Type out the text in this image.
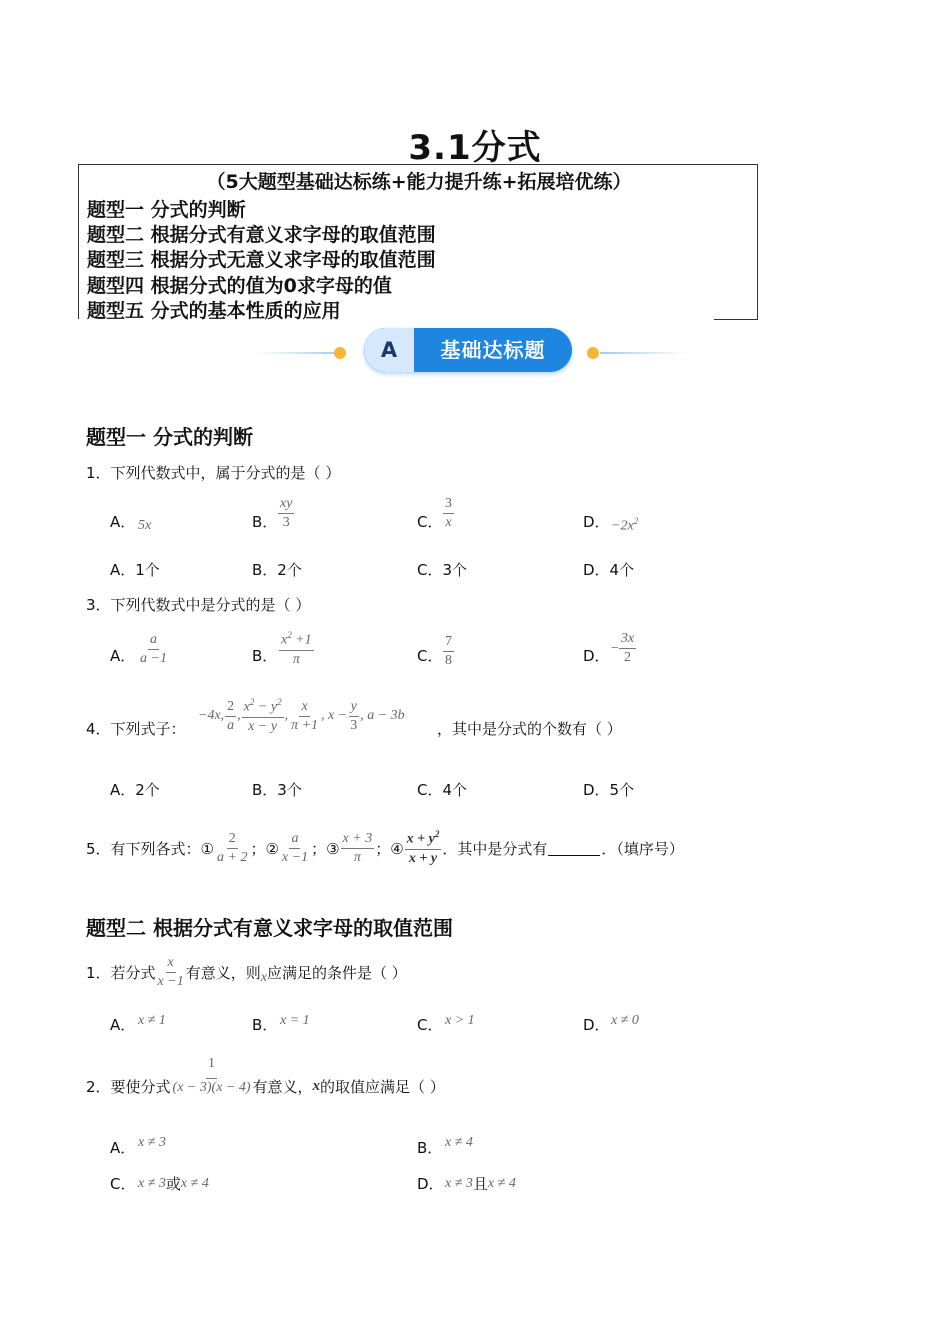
3.1分式
（5大题型基础达标练+能力提升练+拓展培优练）
题型一 分式的判断
题型二 根据分式有意义求字母的取值范围
题型三 根据分式无意义求字母的取值范围
题型四 根据分式的值为0求字母的值
题型五 分式的基本性质的应用
A	基础达标题
题型一 分式的判断
1．下列代数式中，属于分式的是（ ）
A． 5x	B． $\frac{xy}{3}$	C． $\frac{3}{x}$	D． $-2x^2$
A．1个	B．2个	C．3个	D．4个
3．下列代数式中是分式的是（ ）
A． $\frac{a}{a -1}$	B． $\frac{x^2 +1}{\pi}$	C． $\frac{7}{8}$	D． − $\frac{3x}{2}$
4．下列式子：
−4x, $\frac{2}{a}$ , $\frac{x^2 - y^2}{x - y}$ , $\frac{x}{\pi +1}$ , $x - \frac{y}{3}$ , a − 3b
，其中是分式的个数有（ ）
A．2个	B．3个	C．4个	D．5个
5．有下列各式：① $\frac{2}{a + 2}$ ；② $\frac{a}{x -1}$ ；③ $\frac{x + 3}{\pi}$ ；④ $\frac{x + y^2}{x + y}$ ．其中是分式有	．（填序号）
题型二 根据分式有意义求字母的取值范围
1．若分式 $\frac{x}{x -1}$ 有意义，则 x 应满足的条件是（ ）
A． x ≠ 1	B． x = 1	C． x > 1	D． x ≠ 0
2．要使分式 $\frac{1}{(x - 3)(x - 4)}$ 有意义， x 的取值应满足（ ）
A． x ≠ 3	B． x ≠ 4
C． x ≠ 3或x ≠ 4	D． x ≠ 3且x ≠ 4
